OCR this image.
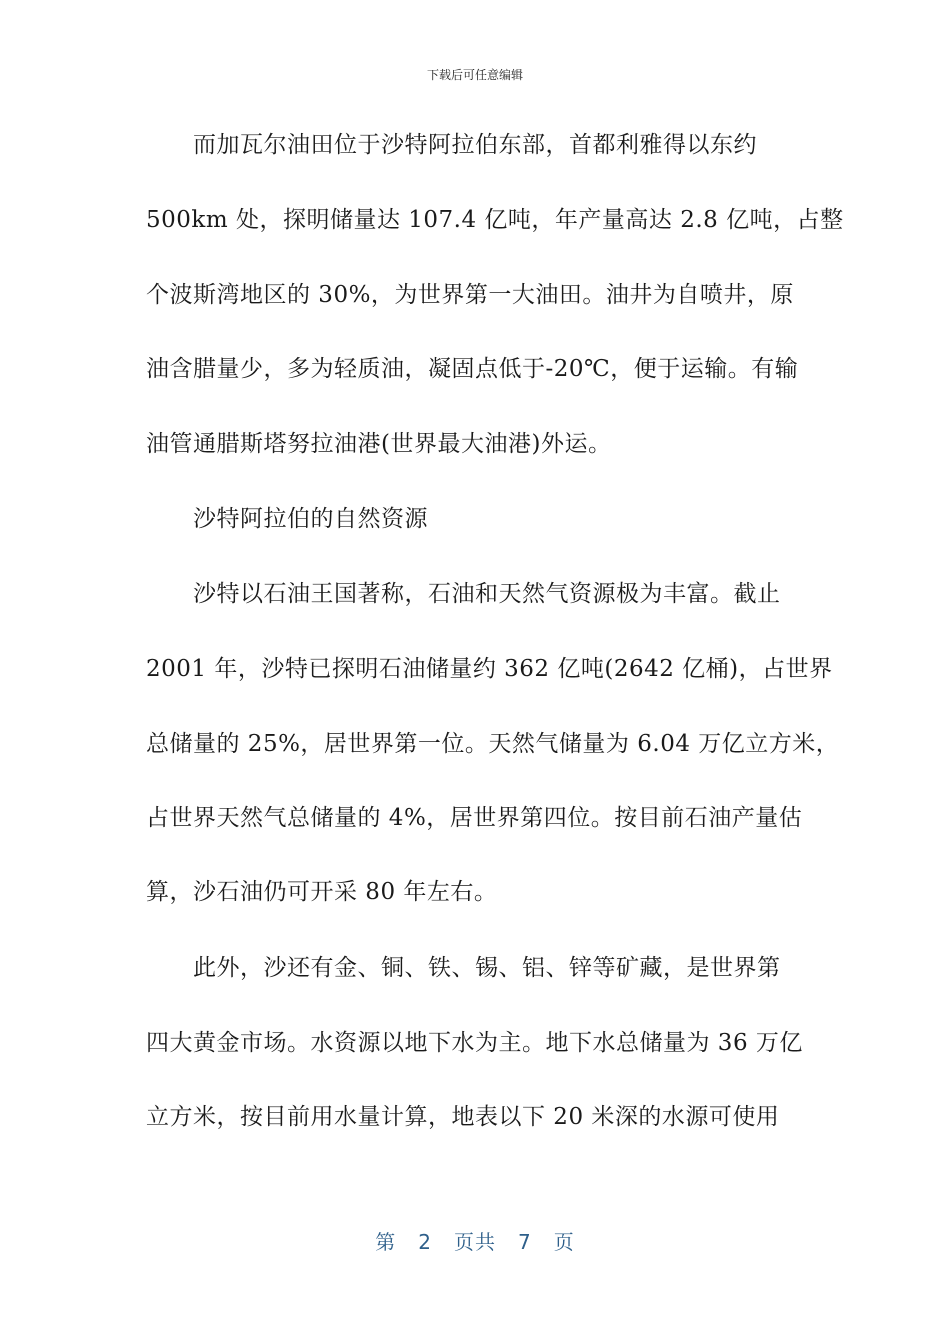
下载后可任意编辑
而加瓦尔油田位于沙特阿拉伯东部，首都利雅得以东约
500km 处，探明储量达 107.4 亿吨，年产量高达 2.8 亿吨，占整
个波斯湾地区的 30%，为世界第一大油田。油井为自喷井，原
油含腊量少，多为轻质油，凝固点低于-20℃，便于运输。有输
油管通腊斯塔努拉油港(世界最大油港)外运。
沙特阿拉伯的自然资源
沙特以石油王国著称，石油和天然气资源极为丰富。截止
2001 年，沙特已探明石油储量约 362 亿吨(2642 亿桶)，占世界
总储量的 25%，居世界第一位。天然气储量为 6.04 万亿立方米，
占世界天然气总储量的 4%，居世界第四位。按目前石油产量估
算，沙石油仍可开采 80 年左右。
此外，沙还有金、铜、铁、锡、铝、锌等矿藏，是世界第
四大黄金市场。水资源以地下水为主。地下水总储量为 36 万亿
立方米，按目前用水量计算，地表以下 20 米深的水源可使用
第 2 页共 7 页
